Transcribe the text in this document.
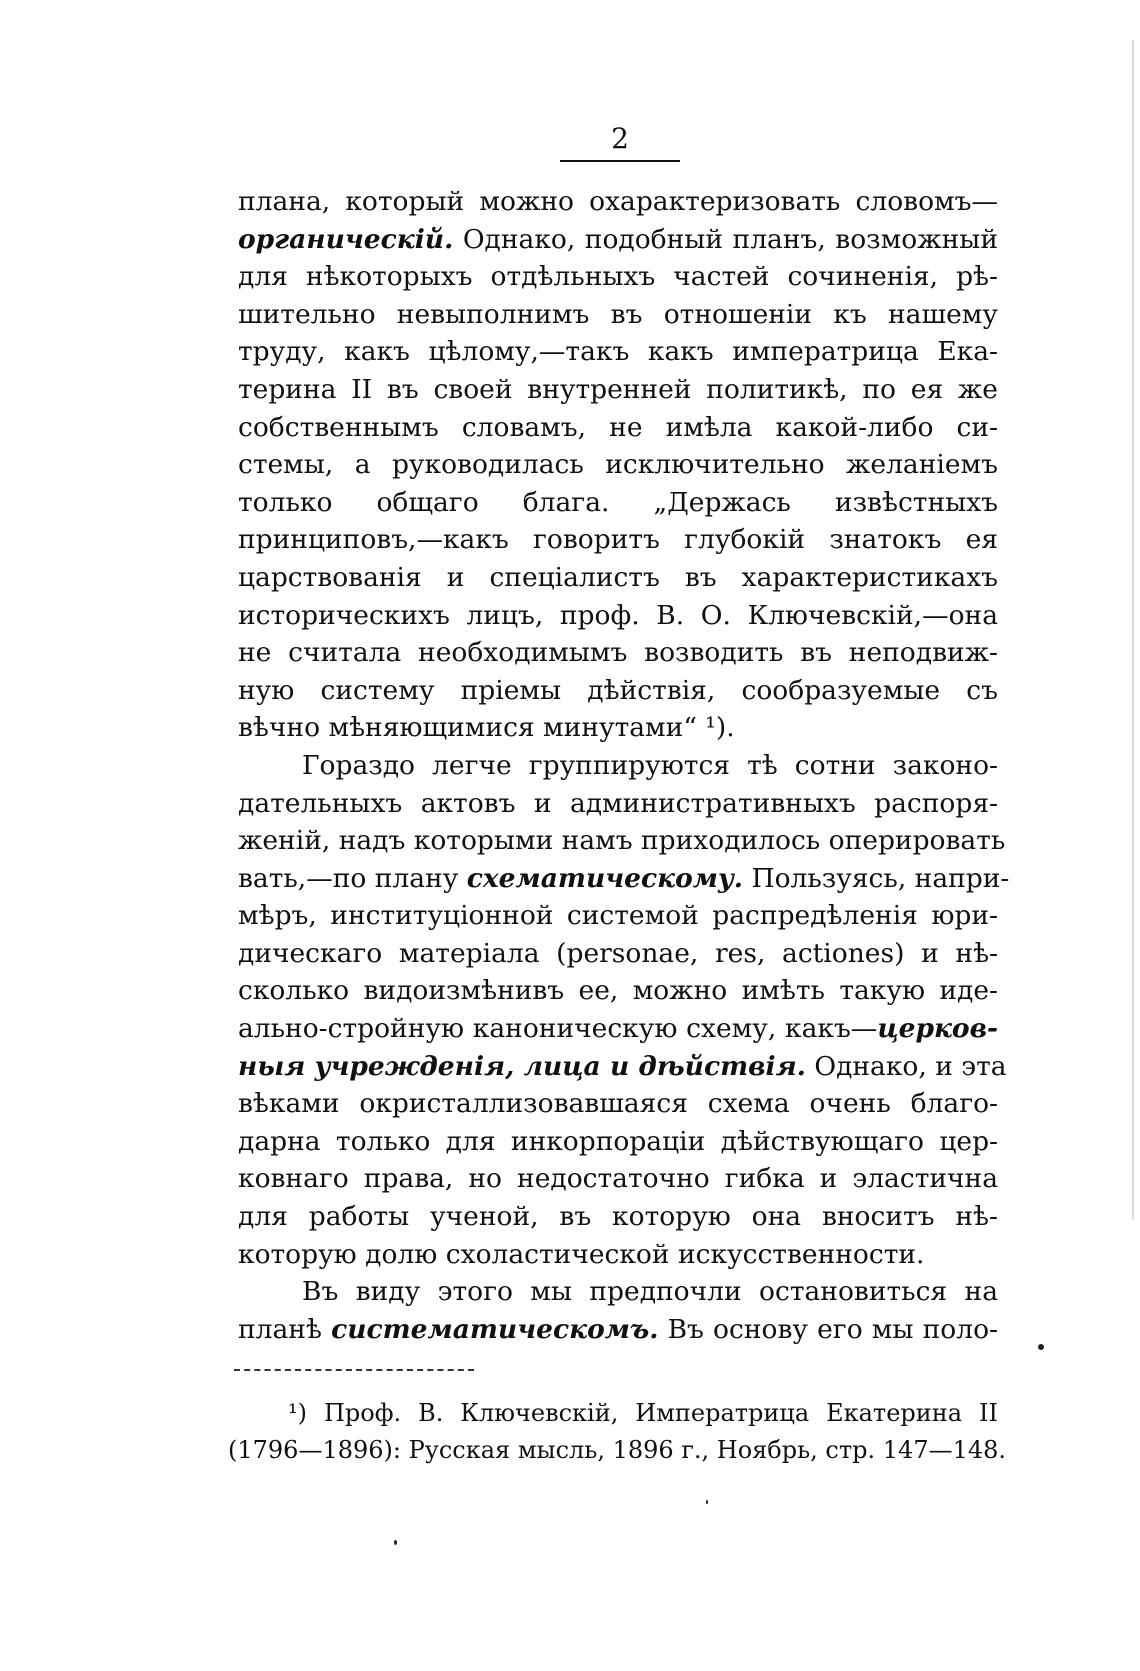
2
плана, который можно охарактеризовать словомъ—
органическій. Однако, подобный планъ, возможный
для нѣкоторыхъ отдѣльныхъ частей сочиненія, рѣ-
шительно невыполнимъ въ отношеніи къ нашему
труду, какъ цѣлому,—такъ какъ императрица Ека-
терина II въ своей внутренней политикѣ, по ея же
собственнымъ словамъ, не имѣла какой-либо си-
стемы, а руководилась исключительно желаніемъ
только общаго блага. „Держась извѣстныхъ
принциповъ,—какъ говоритъ глубокій знатокъ ея
царствованія и спеціалистъ въ характеристикахъ
историческихъ лицъ, проф. В. О. Ключевскій,—она
не считала необходимымъ возводить въ неподвиж-
ную систему пріемы дѣйствія, сообразуемые съ
вѣчно мѣняющимися минутами“ ¹).
Гораздо легче группируются тѣ сотни законо-
дательныхъ актовъ и административныхъ распоря-
женій, надъ которыми намъ приходилось оперировать
вать,—по плану схематическому. Пользуясь, напри-
мѣръ, институціонной системой распредѣленія юри-
дическаго матеріала (personae, res, actiones) и нѣ-
сколько видоизмѣнивъ ее, можно имѣть такую иде-
ально-стройную каноническую схему, какъ—церков-
ныя учрежденія, лица и дѣйствія. Однако, и эта
вѣками окристаллизовавшаяся схема очень благо-
дарна только для инкорпораціи дѣйствующаго цер-
ковнаго права, но недостаточно гибка и эластична
для работы ученой, въ которую она вноситъ нѣ-
которую долю схоластической искусственности.
Въ виду этого мы предпочли остановиться на
планѣ систематическомъ. Въ основу его мы поло-
¹) Проф. В. Ключевскій, Императрица Екатерина II
(1796—1896): Русская мысль, 1896 г., Ноябрь, стр. 147—148.
